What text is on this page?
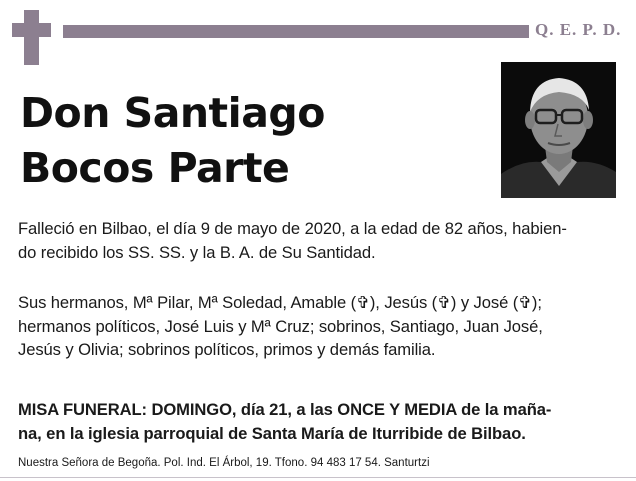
Q. E. P. D.
Don Santiago
Bocos Parte
Falleció en Bilbao, el día 9 de mayo de 2020, a la edad de 82 años, habien-
do recibido los SS. SS. y la B. A. de Su Santidad.
Sus hermanos, Mª Pilar, Mª Soledad, Amable (✞), Jesús (✞) y José (✞);
hermanos políticos, José Luis y Mª Cruz; sobrinos, Santiago, Juan José,
Jesús y Olivia; sobrinos políticos, primos y demás familia.
MISA FUNERAL: DOMINGO, día 21, a las ONCE Y MEDIA de la maña-
na, en la iglesia parroquial de Santa María de Iturribide de Bilbao.
Nuestra Señora de Begoña. Pol. Ind. El Árbol, 19. Tfono. 94 483 17 54. Santurtzi
